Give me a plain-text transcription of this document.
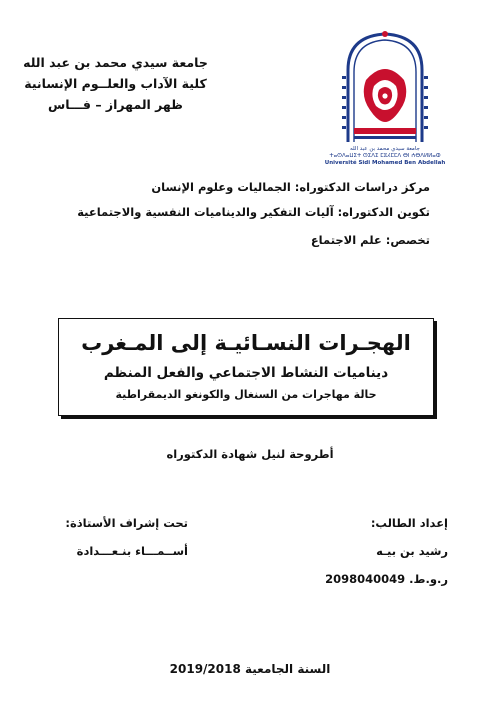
جامعة سيدي محمد بن عبد الله
كلية الآداب والعلــوم الإنسانية
ظهر المهراز – فـــاس
جامعة سيدي محمد بن عبد الله
ⵜⴰⵙⴷⴰⵡⵉⵜ ⵙⵉⴷⵉ ⵎⵓⵃⵎⵎⴷ ⴱⵏ ⵄⴱⴷⵍⵍⴰⵀ
Université Sidi Mohamed Ben Abdellah
مركز دراسات الدكتوراه: الجماليات وعلوم الإنسان
تكوين الدكتوراه: آليات التفكير والديناميات النفسية والاجتماعية
تخصص: علم الاجتماع
الهجـرات النسـائيـة إلى المـغرب
ديناميات النشاط الاجتماعي والفعل المنظم
حالة مهاجرات من السنغال والكونغو الديمقراطية
أطروحة لنيل شهادة الدكتوراه
إعداد الطالب:
رشيد بن بيـه
ر.و.ط. 2098040049
تحت إشراف الأستاذة:
أســمـــاء بنـعـــدادة
السنة الجامعية 2019/2018
